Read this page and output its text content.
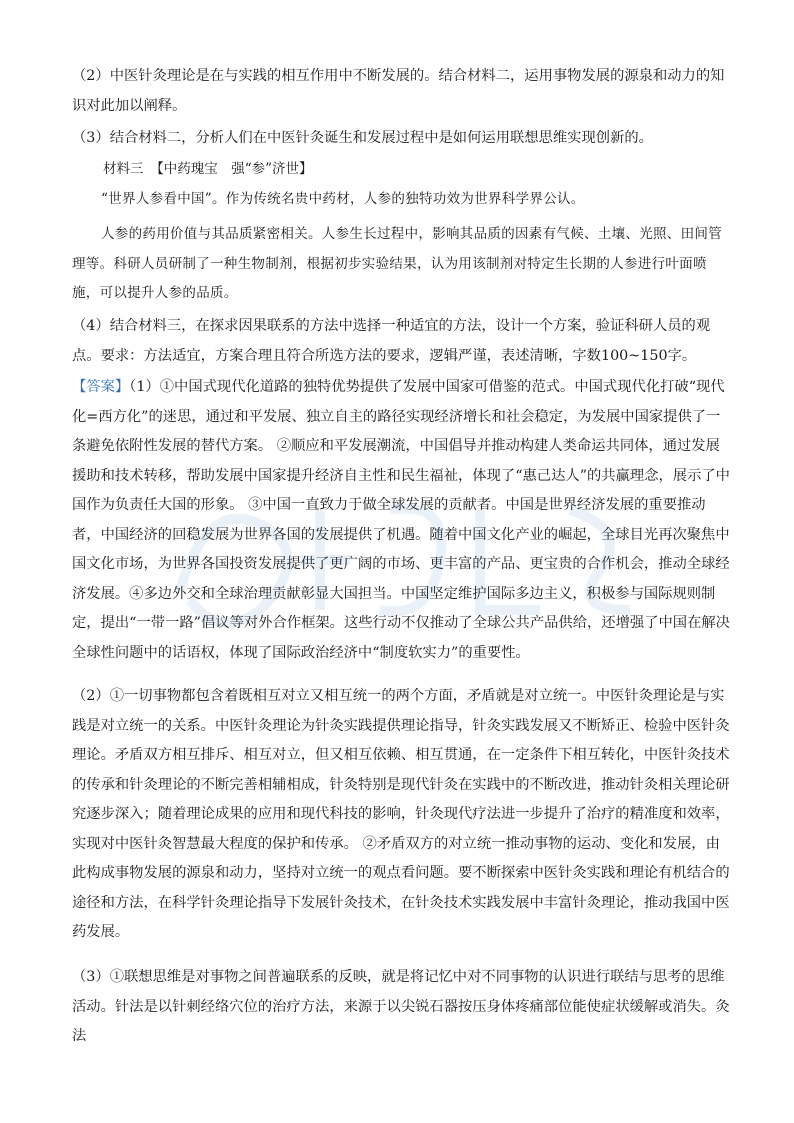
（2）中医针灸理论是在与实践的相互作用中不断发展的。结合材料二，运用事物发展的源泉和动力的知识对此加以阐释。

（3）结合材料二，分析人们在中医针灸诞生和发展过程中是如何运用联想思维实现创新的。

材料三　【中药瑰宝　强“参”济世】

“世界人参看中国”。作为传统名贵中药材，人参的独特功效为世界科学界公认。

人参的药用价值与其品质紧密相关。人参生长过程中，影响其品质的因素有气候、土壤、光照、田间管理等。科研人员研制了一种生物制剂，根据初步实验结果，认为用该制剂对特定生长期的人参进行叶面喷施，可以提升人参的品质。

（4）结合材料三，在探求因果联系的方法中选择一种适宜的方法，设计一个方案，验证科研人员的观点。要求：方法适宜，方案合理且符合所选方法的要求，逻辑严谨，表述清晰，字数100~150字。

【答案】（1）①中国式现代化道路的独特优势提供了发展中国家可借鉴的范式。中国式现代化打破“现代化=西方化”的迷思，通过和平发展、独立自主的路径实现经济增长和社会稳定，为发展中国家提供了一条避免依附性发展的替代方案。 ②顺应和平发展潮流，中国倡导并推动构建人类命运共同体，通过发展援助和技术转移，帮助发展中国家提升经济自主性和民生福祉，体现了“惠己达人”的共赢理念，展示了中国作为负责任大国的形象。 ③中国一直致力于做全球发展的贡献者。中国是世界经济发展的重要推动者，中国经济的回稳发展为世界各国的发展提供了机遇。随着中国文化产业的崛起，全球目光再次聚焦中国文化市场，为世界各国投资发展提供了更广阔的市场、更丰富的产品、更宝贵的合作机会，推动全球经济发展。④多边外交和全球治理贡献彰显大国担当。中国坚定维护国际多边主义，积极参与国际规则制定，提出“一带一路”倡议等对外合作框架。这些行动不仅推动了全球公共产品供给，还增强了中国在解决全球性问题中的话语权，体现了国际政治经济中“制度软实力”的重要性。

（2）①一切事物都包含着既相互对立又相互统一的两个方面，矛盾就是对立统一。中医针灸理论是与实践是对立统一的关系。中医针灸理论为针灸实践提供理论指导，针灸实践发展又不断矫正、检验中医针灸理论。矛盾双方相互排斥、相互对立，但又相互依赖、相互贯通，在一定条件下相互转化，中医针灸技术的传承和针灸理论的不断完善相辅相成，针灸特别是现代针灸在实践中的不断改进，推动针灸相关理论研究逐步深入；随着理论成果的应用和现代科技的影响，针灸现代疗法进一步提升了治疗的精准度和效率，实现对中医针灸智慧最大程度的保护和传承。 ②矛盾双方的对立统一推动事物的运动、变化和发展，由此构成事物发展的源泉和动力，坚持对立统一的观点看问题。要不断探索中医针灸实践和理论有机结合的途径和方法，在科学针灸理论指导下发展针灸技术，在针灸技术实践发展中丰富针灸理论，推动我国中医药发展。

（3）①联想思维是对事物之间普遍联系的反映，就是将记忆中对不同事物的认识进行联结与思考的思维活动。针法是以针刺经络穴位的治疗方法，来源于以尖锐石器按压身体疼痛部位能使症状缓解或消失。灸法
